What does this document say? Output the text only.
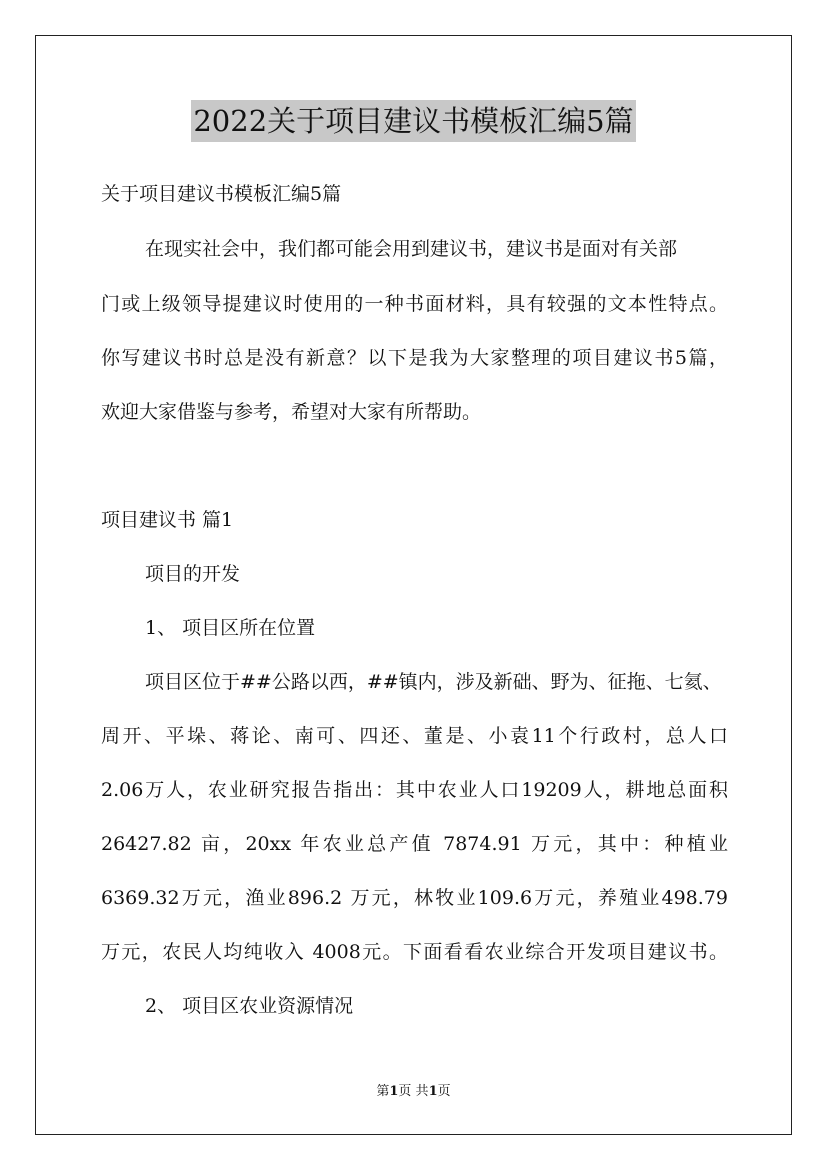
2022关于项目建议书模板汇编5篇
关于项目建议书模板汇编5篇
在现实社会中，我们都可能会用到建议书，建议书是面对有关部
门或上级领导提建议时使用的一种书面材料，具有较强的文本性特点。
你写建议书时总是没有新意？以下是我为大家整理的项目建议书5篇，
欢迎大家借鉴与参考，希望对大家有所帮助。
项目建议书 篇1
项目的开发
1、 项目区所在位置
项目区位于##公路以西，##镇内，涉及新础、野为、征拖、七氦、
周开、平垛、蒋论、南可、四还、董是、小袁11个行政村，总人口
2.06万人，农业研究报告指出：其中农业人口19209人，耕地总面积
26427.82 亩，20xx 年农业总产值 7874.91 万元，其中：种植业
6369.32万元，渔业896.2 万元，林牧业109.6万元，养殖业498.79
万元，农民人均纯收入 4008元。下面看看农业综合开发项目建议书。
2、 项目区农业资源情况
第1页 共1页
